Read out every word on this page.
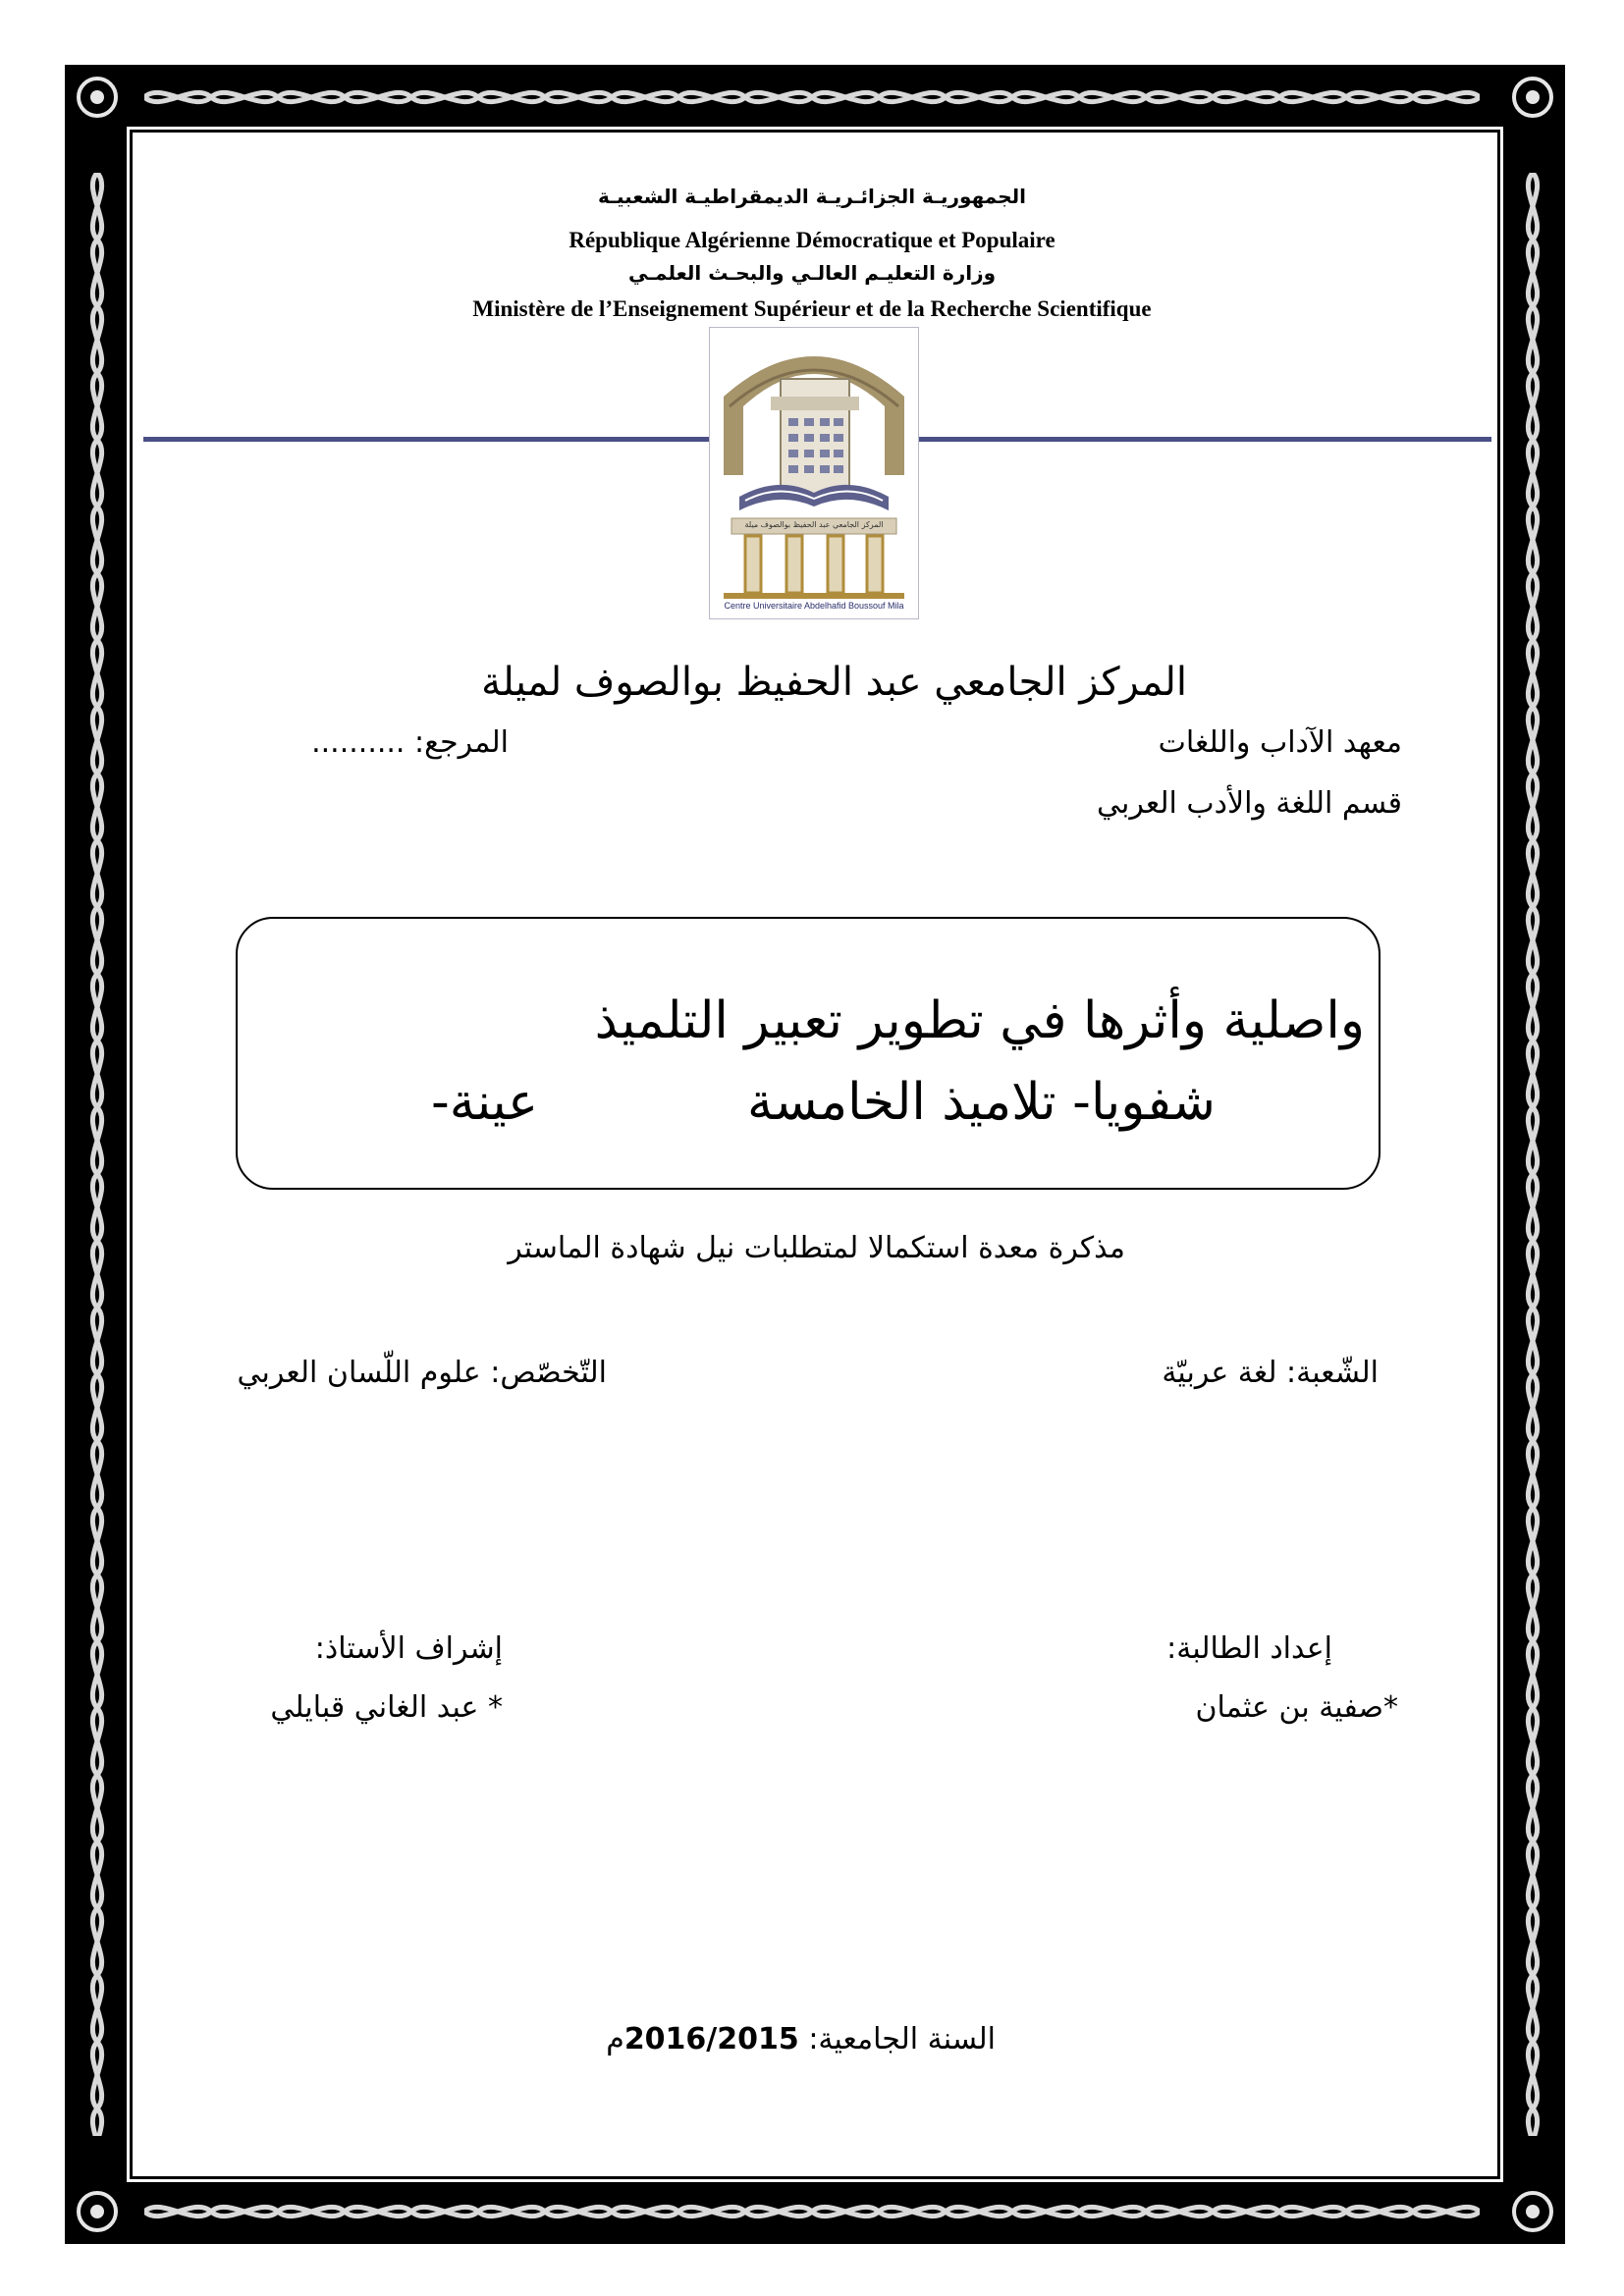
الجمهوريـة الجزائـريـة الديمقراطيـة الشعبيـة
République Algérienne Démocratique et Populaire
وزارة التعليـم العالـي والبحـث العلمـي
Ministère de l’Enseignement Supérieur et de la Recherche Scientifique
المركز الجامعي عبد الحفيظ بوالصوف ميلة
Centre Universitaire Abdelhafid Boussouf Mila
المركز الجامعي عبد الحفيظ بوالصوف لميلة
معهد الآداب واللغات
المرجع: ..........
قسم اللغة والأدب العربي
واصلية وأثرها في تطوير تعبير التلميذ
شفويا- تلاميذ الخامسة
عينة-
مذكرة معدة استكمالا لمتطلبات نيل شهادة الماستر
الشّعبة: لغة عربيّة
التّخصّص: علوم اللّسان العربي
إعداد الطالبة:
*صفية بن عثمان
إشراف الأستاذ:
* عبد الغاني قبايلي
السنة الجامعية: 2016/2015م
